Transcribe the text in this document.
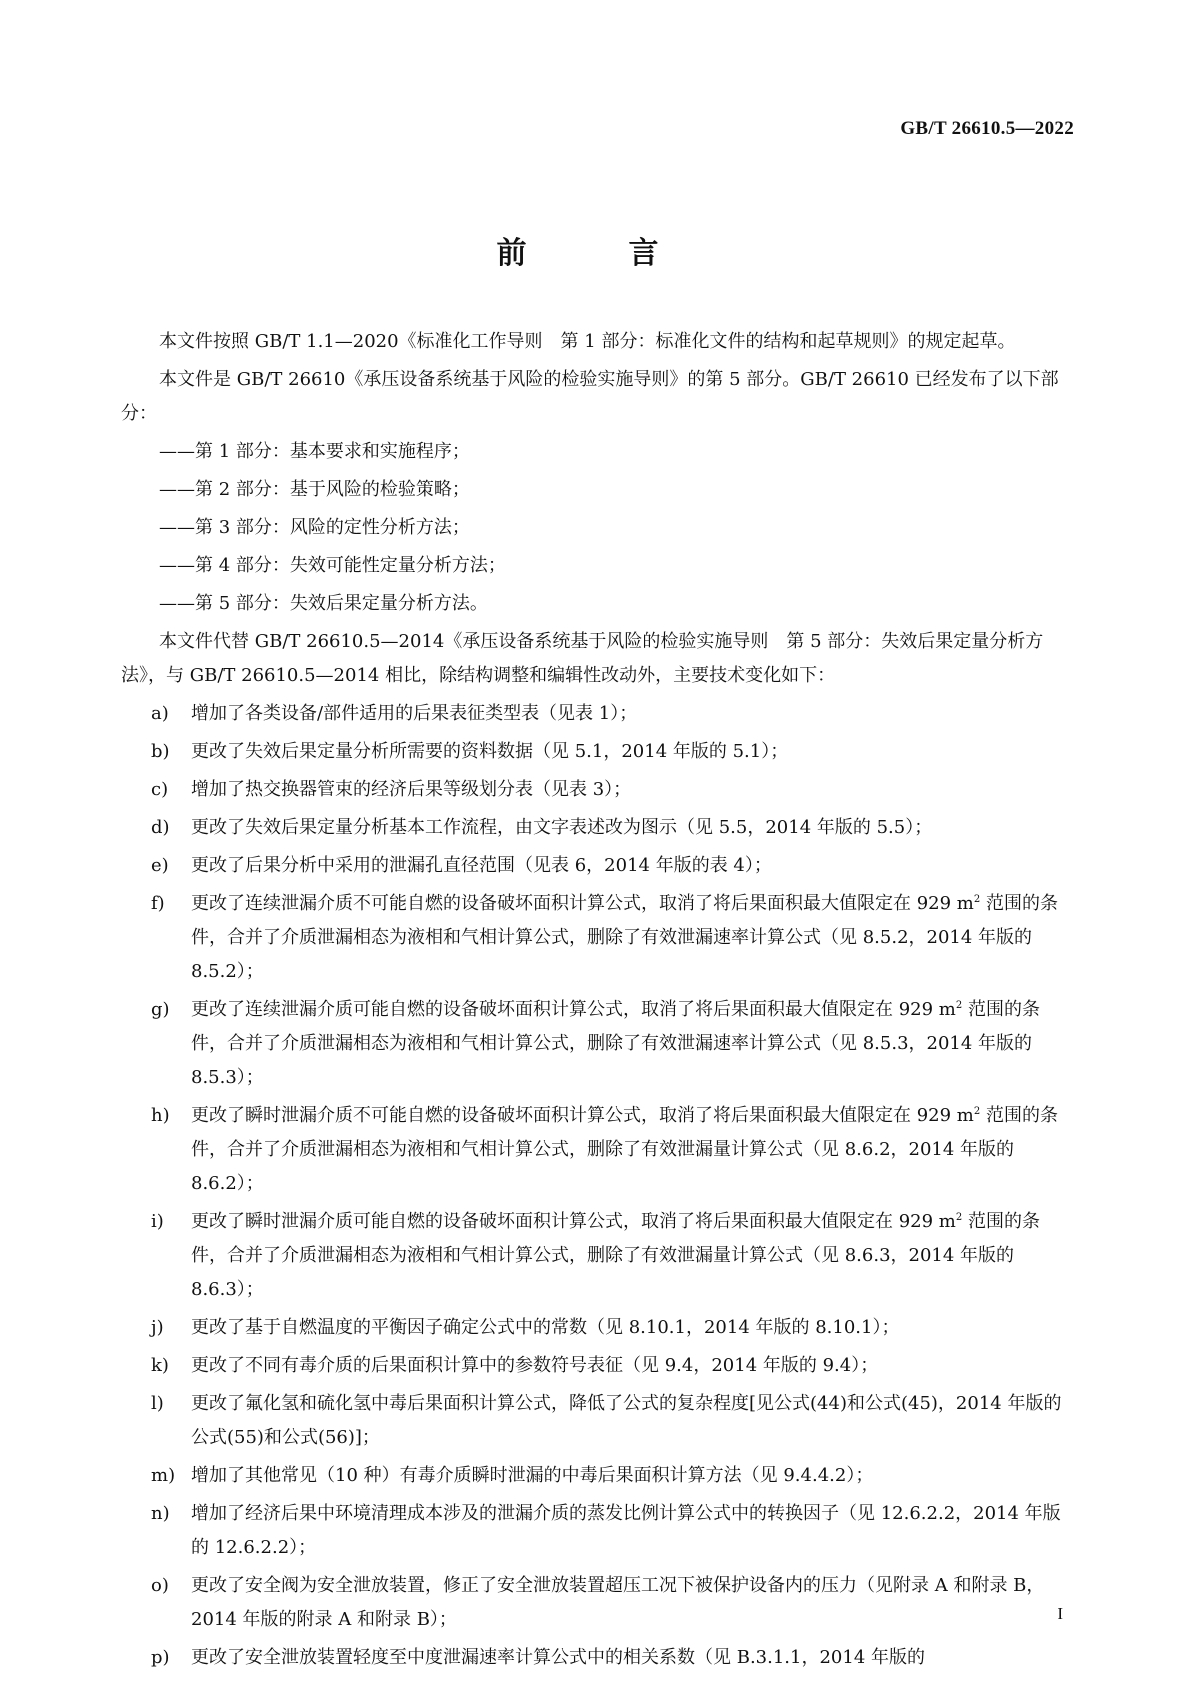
GB/T 26610.5—2022
前　言

本文件按照 GB/T 1.1—2020《标准化工作导则　第 1 部分：标准化文件的结构和起草规则》的规定起草。

本文件是 GB/T 26610《承压设备系统基于风险的检验实施导则》的第 5 部分。GB/T 26610 已经发布了以下部分：

——第 1 部分：基本要求和实施程序；
——第 2 部分：基于风险的检验策略；
——第 3 部分：风险的定性分析方法；
——第 4 部分：失效可能性定量分析方法；
——第 5 部分：失效后果定量分析方法。

本文件代替 GB/T 26610.5—2014《承压设备系统基于风险的检验实施导则　第 5 部分：失效后果定量分析方法》，与 GB/T 26610.5—2014 相比，除结构调整和编辑性改动外，主要技术变化如下：

a)	增加了各类设备/部件适用的后果表征类型表（见表 1）；
b)	更改了失效后果定量分析所需要的资料数据（见 5.1，2014 年版的 5.1）；
c)	增加了热交换器管束的经济后果等级划分表（见表 3）；
d)	更改了失效后果定量分析基本工作流程，由文字表述改为图示（见 5.5，2014 年版的 5.5）；
e)	更改了后果分析中采用的泄漏孔直径范围（见表 6，2014 年版的表 4）；
f)	更改了连续泄漏介质不可能自燃的设备破坏面积计算公式，取消了将后果面积最大值限定在 929 $m^2$ 范围的条件，合并了介质泄漏相态为液相和气相计算公式，删除了有效泄漏速率计算公式（见 8.5.2，2014 年版的 8.5.2）；
g)	更改了连续泄漏介质可能自燃的设备破坏面积计算公式，取消了将后果面积最大值限定在 929 $m^2$ 范围的条件，合并了介质泄漏相态为液相和气相计算公式，删除了有效泄漏速率计算公式（见 8.5.3，2014 年版的 8.5.3）；
h)	更改了瞬时泄漏介质不可能自燃的设备破坏面积计算公式，取消了将后果面积最大值限定在 929 $m^2$ 范围的条件，合并了介质泄漏相态为液相和气相计算公式，删除了有效泄漏量计算公式（见 8.6.2，2014 年版的 8.6.2）；
i)	更改了瞬时泄漏介质可能自燃的设备破坏面积计算公式，取消了将后果面积最大值限定在 929 $m^2$ 范围的条件，合并了介质泄漏相态为液相和气相计算公式，删除了有效泄漏量计算公式（见 8.6.3，2014 年版的 8.6.3）；
j)	更改了基于自燃温度的平衡因子确定公式中的常数（见 8.10.1，2014 年版的 8.10.1）；
k)	更改了不同有毒介质的后果面积计算中的参数符号表征（见 9.4，2014 年版的 9.4）；
l)	更改了氟化氢和硫化氢中毒后果面积计算公式，降低了公式的复杂程度[见公式(44)和公式(45)，2014 年版的公式(55)和公式(56)]；
m) 增加了其他常见（10 种）有毒介质瞬时泄漏的中毒后果面积计算方法（见 9.4.4.2）；
n)	增加了经济后果中环境清理成本涉及的泄漏介质的蒸发比例计算公式中的转换因子（见 12.6.2.2，2014 年版的 12.6.2.2）；
o)	更改了安全阀为安全泄放装置，修正了安全泄放装置超压工况下被保护设备内的压力（见附录 A 和附录 B，2014 年版的附录 A 和附录 B）；
p)	更改了安全泄放装置轻度至中度泄漏速率计算公式中的相关系数（见 B.3.1.1，2014 年版的
I
